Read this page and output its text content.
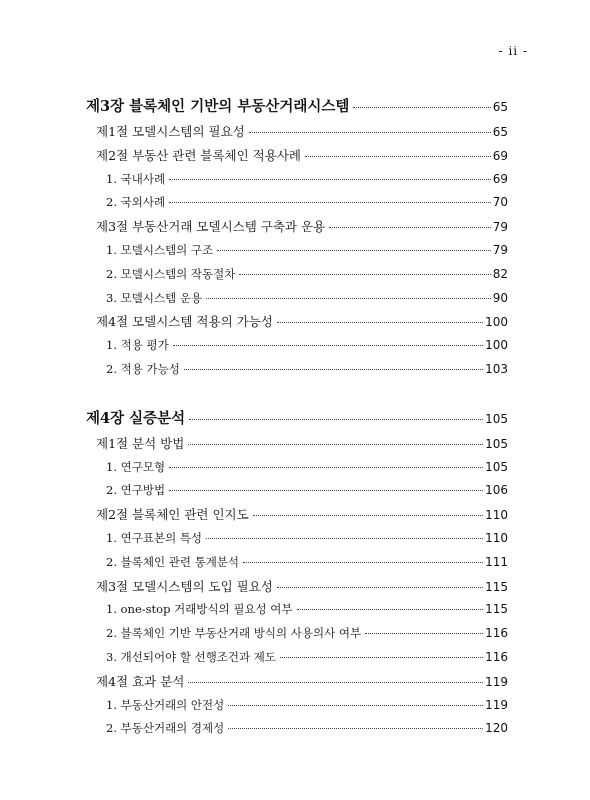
- ii -
제3장 블록체인 기반의 부동산거래시스템	65
제1절 모델시스템의 필요성	65
제2절 부동산 관련 블록체인 적용사례	69
1. 국내사례	69
2. 국외사례	70
제3절 부동산거래 모델시스템 구축과 운용	79
1. 모델시스템의 구조	79
2. 모델시스템의 작동절차	82
3. 모델시스템 운용	90
제4절 모델시스템 적용의 가능성	100
1. 적용 평가	100
2. 적용 가능성	103
제4장 실증분석	105
제1절 분석 방법	105
1. 연구모형	105
2. 연구방법	106
제2절 블록체인 관련 인지도	110
1. 연구표본의 특성	110
2. 블록체인 관련 통계분석	111
제3절 모델시스템의 도입 필요성	115
1. one-stop 거래방식의 필요성 여부	115
2. 블록체인 기반 부동산거래 방식의 사용의사 여부	116
3. 개선되어야 할 선행조건과 제도	116
제4절 효과 분석	119
1. 부동산거래의 안전성	119
2. 부동산거래의 경제성	120
